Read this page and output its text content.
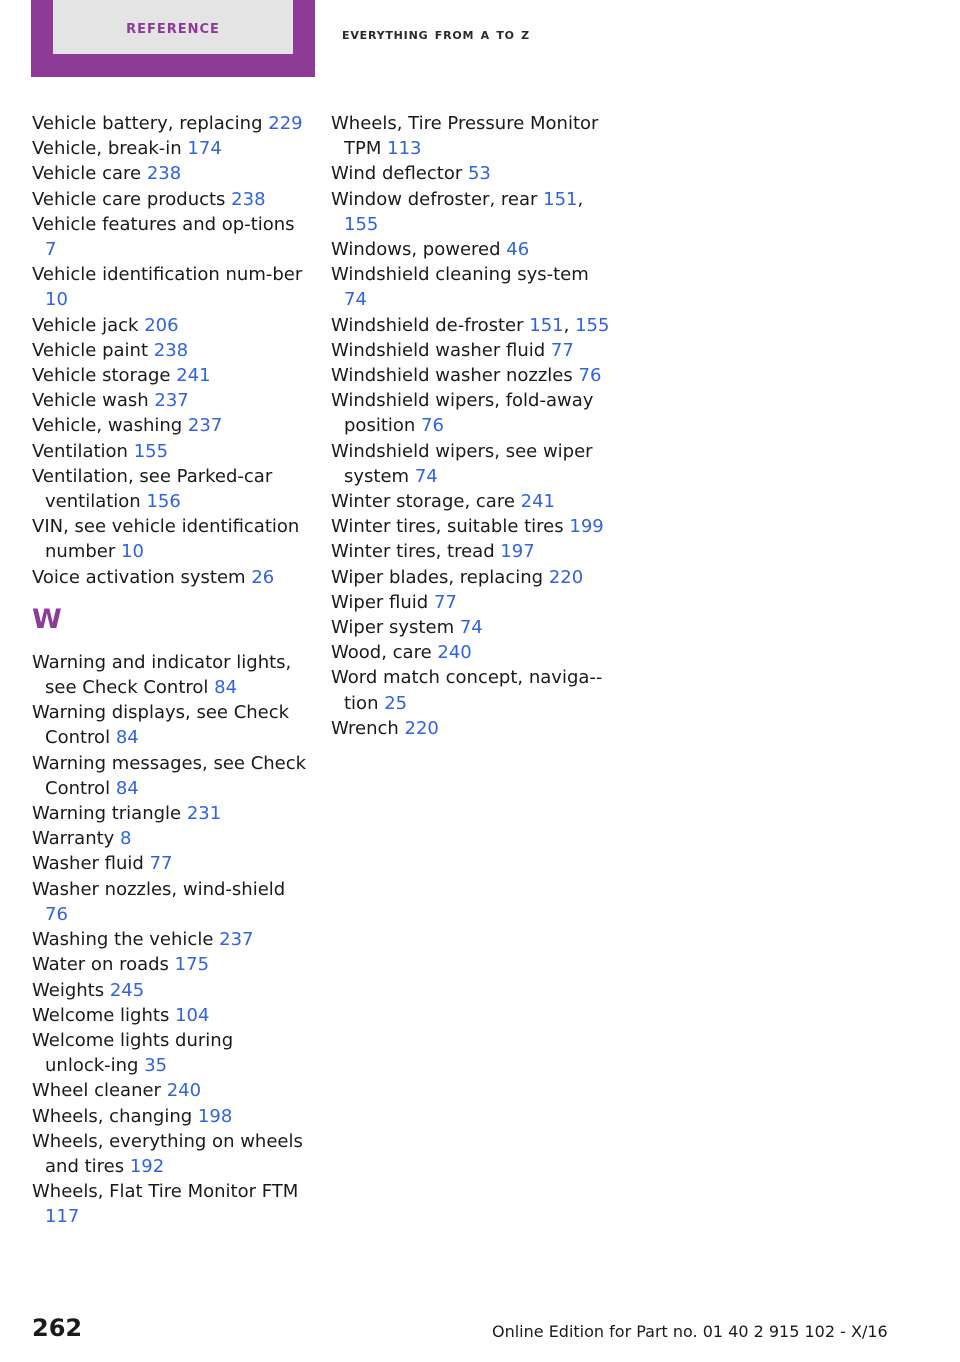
reference	everything from a to z

Vehicle battery, replacing 229

Vehicle, break-in 174

Vehicle care 238

Vehicle care products 238

Vehicle features and op-tions 7

Vehicle identification num-ber 10

Vehicle jack 206

Vehicle paint 238

Vehicle storage 241

Vehicle wash 237

Vehicle, washing 237

Ventilation 155

Ventilation, see Parked-car ventilation 156

VIN, see vehicle identification number 10

Voice activation system 26

W

Warning and indicator lights, see Check Control 84

Warning displays, see Check Control 84

Warning messages, see Check Control 84

Warning triangle 231

Warranty 8

Washer fluid 77

Washer nozzles, wind-shield 76

Washing the vehicle 237

Water on roads 175

Weights 245

Welcome lights 104

Welcome lights during unlock-ing 35

Wheel cleaner 240

Wheels, changing 198

Wheels, everything on wheels and tires 192

Wheels, Flat Tire Monitor FTM 117

Wheels, Tire Pressure Monitor TPM 113

Wind deflector 53

Window defroster, rear 151, 155

Windows, powered 46

Windshield cleaning sys-tem 74

Windshield de-froster 151, 155

Windshield washer fluid 77

Windshield washer nozzles 76

Windshield wipers, fold-away position 76

Windshield wipers, see wiper system 74

Winter storage, care 241

Winter tires, suitable tires 199

Winter tires, tread 197

Wiper blades, replacing 220

Wiper fluid 77

Wiper system 74

Wood, care 240

Word match concept, naviga-tion 25

Wrench 220

262	Online Edition for Part no. 01 40 2 915 102 - X/16
